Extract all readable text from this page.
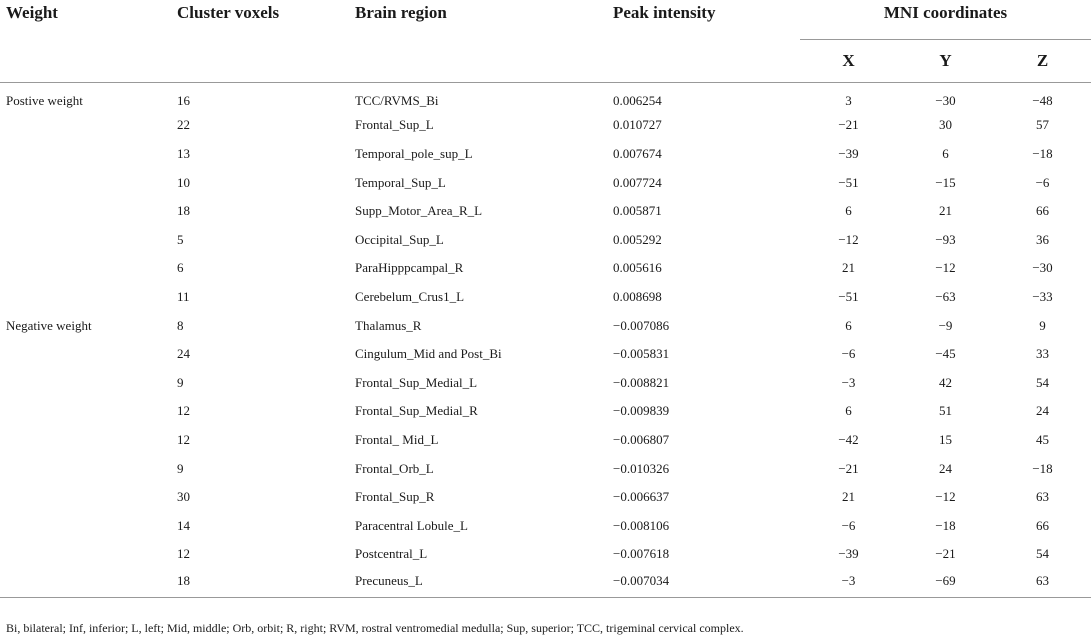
Weight	Cluster voxels	Brain region	Peak intensity	MNI coordinates		
				X	Y	Z
Postive weight	16	TCC/RVMS_Bi	0.006254	3	−30	−48
	22	Frontal_Sup_L	0.010727	−21	30	57
	13	Temporal_pole_sup_L	0.007674	−39	6	−18
	10	Temporal_Sup_L	0.007724	−51	−15	−6
	18	Supp_Motor_Area_R_L	0.005871	6	21	66
	5	Occipital_Sup_L	0.005292	−12	−93	36
	6	ParaHipppcampal_R	0.005616	21	−12	−30
	11	Cerebelum_Crus1_L	0.008698	−51	−63	−33
Negative weight	8	Thalamus_R	−0.007086	6	−9	9
	24	Cingulum_Mid and Post_Bi	−0.005831	−6	−45	33
	9	Frontal_Sup_Medial_L	−0.008821	−3	42	54
	12	Frontal_Sup_Medial_R	−0.009839	6	51	24
	12	Frontal_ Mid_L	−0.006807	−42	15	45
	9	Frontal_Orb_L	−0.010326	−21	24	−18
	30	Frontal_Sup_R	−0.006637	21	−12	63
	14	Paracentral Lobule_L	−0.008106	−6	−18	66
	12	Postcentral_L	−0.007618	−39	−21	54
	18	Precuneus_L	−0.007034	−3	−69	63
Bi, bilateral; Inf, inferior; L, left; Mid, middle; Orb, orbit; R, right; RVM, rostral ventromedial medulla; Sup, superior; TCC, trigeminal cervical complex.
